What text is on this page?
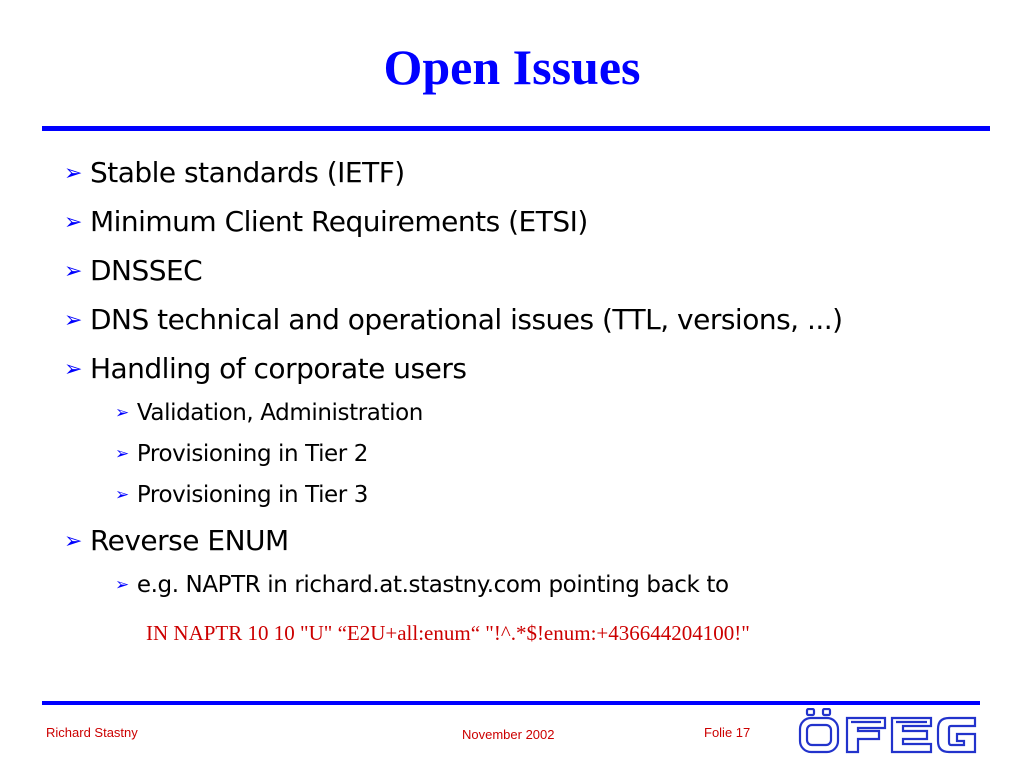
Open Issues
➢ Stable standards (IETF)
➢ Minimum Client Requirements (ETSI)
➢ DNSSEC
➢ DNS technical and operational issues (TTL, versions, ...)
➢ Handling of corporate users
➢ Validation, Administration
➢ Provisioning in Tier 2
➢ Provisioning in Tier 3
➢ Reverse ENUM
➢ e.g. NAPTR in richard.at.stastny.com pointing back to
IN NAPTR 10 10 "U" “E2U+all:enum“ "!^.*$!enum:+436644204100!"
Richard Stastny	November 2002	Folie 17
